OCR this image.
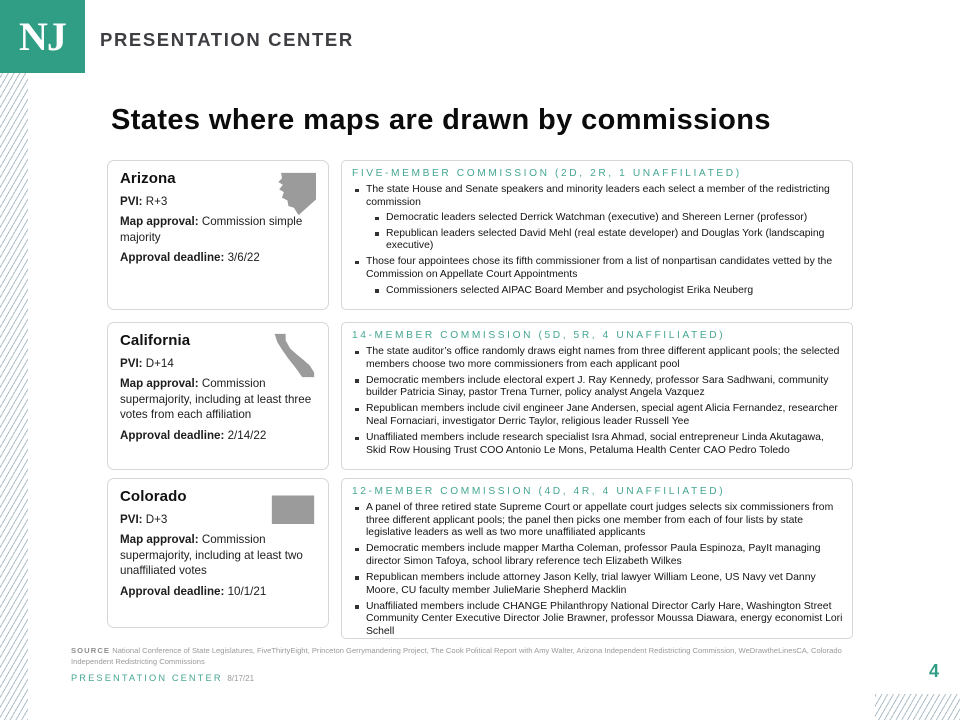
NJ PRESENTATION CENTER
States where maps are drawn by commissions
Arizona
PVI: R+3
Map approval: Commission simple majority
Approval deadline: 3/6/22
FIVE-MEMBER COMMISSION (2D, 2R, 1 UNAFFILIATED)
The state House and Senate speakers and minority leaders each select a member of the redistricting commission
Democratic leaders selected Derrick Watchman (executive) and Shereen Lerner (professor)
Republican leaders selected David Mehl (real estate developer) and Douglas York (landscaping executive)
Those four appointees chose its fifth commissioner from a list of nonpartisan candidates vetted by the Commission on Appellate Court Appointments
Commissioners selected AIPAC Board Member and psychologist Erika Neuberg
California
PVI: D+14
Map approval: Commission supermajority, including at least three votes from each affiliation
Approval deadline: 2/14/22
14-MEMBER COMMISSION (5D, 5R, 4 UNAFFILIATED)
The state auditor’s office randomly draws eight names from three different applicant pools; the selected members choose two more commissioners from each applicant pool
Democratic members include electoral expert J. Ray Kennedy, professor Sara Sadhwani, community builder Patricia Sinay, pastor Trena Turner, policy analyst Angela Vazquez
Republican members include civil engineer Jane Andersen, special agent Alicia Fernandez, researcher Neal Fornaciari, investigator Derric Taylor, religious leader Russell Yee
Unaffiliated members include research specialist Isra Ahmad, social entrepreneur Linda Akutagawa, Skid Row Housing Trust COO Antonio Le Mons, Petaluma Health Center CAO Pedro Toledo
Colorado
PVI: D+3
Map approval: Commission supermajority, including at least two unaffiliated votes
Approval deadline: 10/1/21
12-MEMBER COMMISSION (4D, 4R, 4 UNAFFILIATED)
A panel of three retired state Supreme Court or appellate court judges selects six commissioners from three different applicant pools; the panel then picks one member from each of four lists by state legislative leaders as well as two more unaffiliated applicants
Democratic members include mapper Martha Coleman, professor Paula Espinoza, PayIt managing director Simon Tafoya, school library reference tech Elizabeth Wilkes
Republican members include attorney Jason Kelly, trial lawyer William Leone, US Navy vet Danny Moore, CU faculty member JulieMarie Shepherd Macklin
Unaffiliated members include CHANGE Philanthropy National Director Carly Hare, Washington Street Community Center Executive Director Jolie Brawner, professor Moussa Diawara, energy economist Lori Schell
SOURCE National Conference of State Legislatures, FiveThirtyEight, Princeton Gerrymandering Project, The Cook Political Report with Amy Walter, Arizona Independent Redistricting Commission, WeDrawtheLinesCA, Colorado Independent Redistricting Commissions
PRESENTATION CENTER 8/17/21	4
